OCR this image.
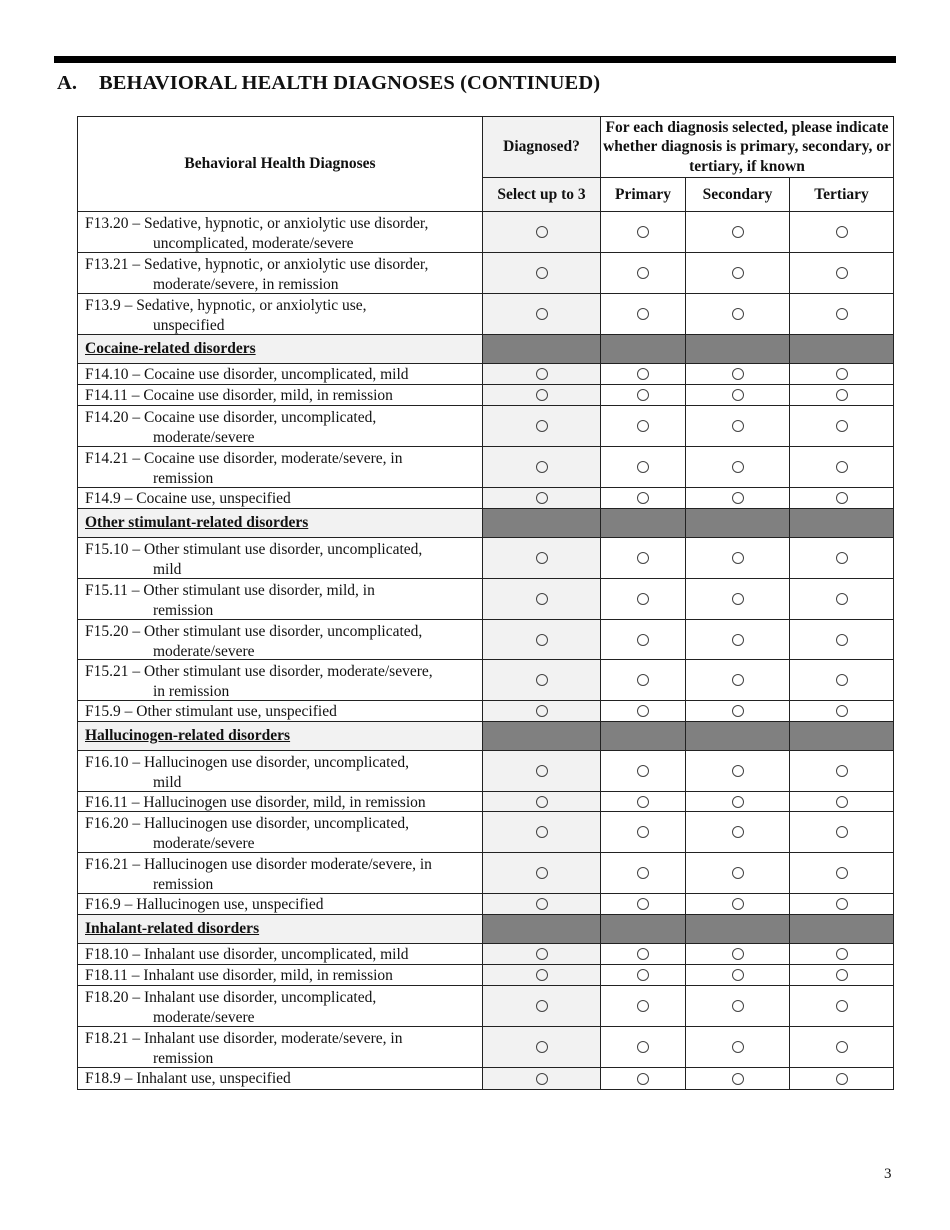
A. BEHAVIORAL HEALTH DIAGNOSES (CONTINUED)
Behavioral Health Diagnoses
Diagnosed?
For each diagnosis selected, please indicate whether diagnosis is primary, secondary, or tertiary, if known
Select up to 3	Primary	Secondary	Tertiary
F13.20 – Sedative, hypnotic, or anxiolytic use disorder,
uncomplicated, moderate/severe
F13.21 – Sedative, hypnotic, or anxiolytic use disorder,
moderate/severe, in remission
F13.9 – Sedative, hypnotic, or anxiolytic use,
unspecified
Cocaine-related disorders
F14.10 – Cocaine use disorder, uncomplicated, mild
F14.11 – Cocaine use disorder, mild, in remission
F14.20 – Cocaine use disorder, uncomplicated,
moderate/severe
F14.21 – Cocaine use disorder, moderate/severe, in
remission
F14.9 – Cocaine use, unspecified
Other stimulant-related disorders
F15.10 – Other stimulant use disorder, uncomplicated,
mild
F15.11 – Other stimulant use disorder, mild, in
remission
F15.20 – Other stimulant use disorder, uncomplicated,
moderate/severe
F15.21 – Other stimulant use disorder, moderate/severe,
in remission
F15.9 – Other stimulant use, unspecified
Hallucinogen-related disorders
F16.10 – Hallucinogen use disorder, uncomplicated,
mild
F16.11 – Hallucinogen use disorder, mild, in remission
F16.20 – Hallucinogen use disorder, uncomplicated,
moderate/severe
F16.21 – Hallucinogen use disorder moderate/severe, in
remission
F16.9 – Hallucinogen use, unspecified
Inhalant-related disorders
F18.10 – Inhalant use disorder, uncomplicated, mild
F18.11 – Inhalant use disorder, mild, in remission
F18.20 – Inhalant use disorder, uncomplicated,
moderate/severe
F18.21 – Inhalant use disorder, moderate/severe, in
remission
F18.9 – Inhalant use, unspecified
3
